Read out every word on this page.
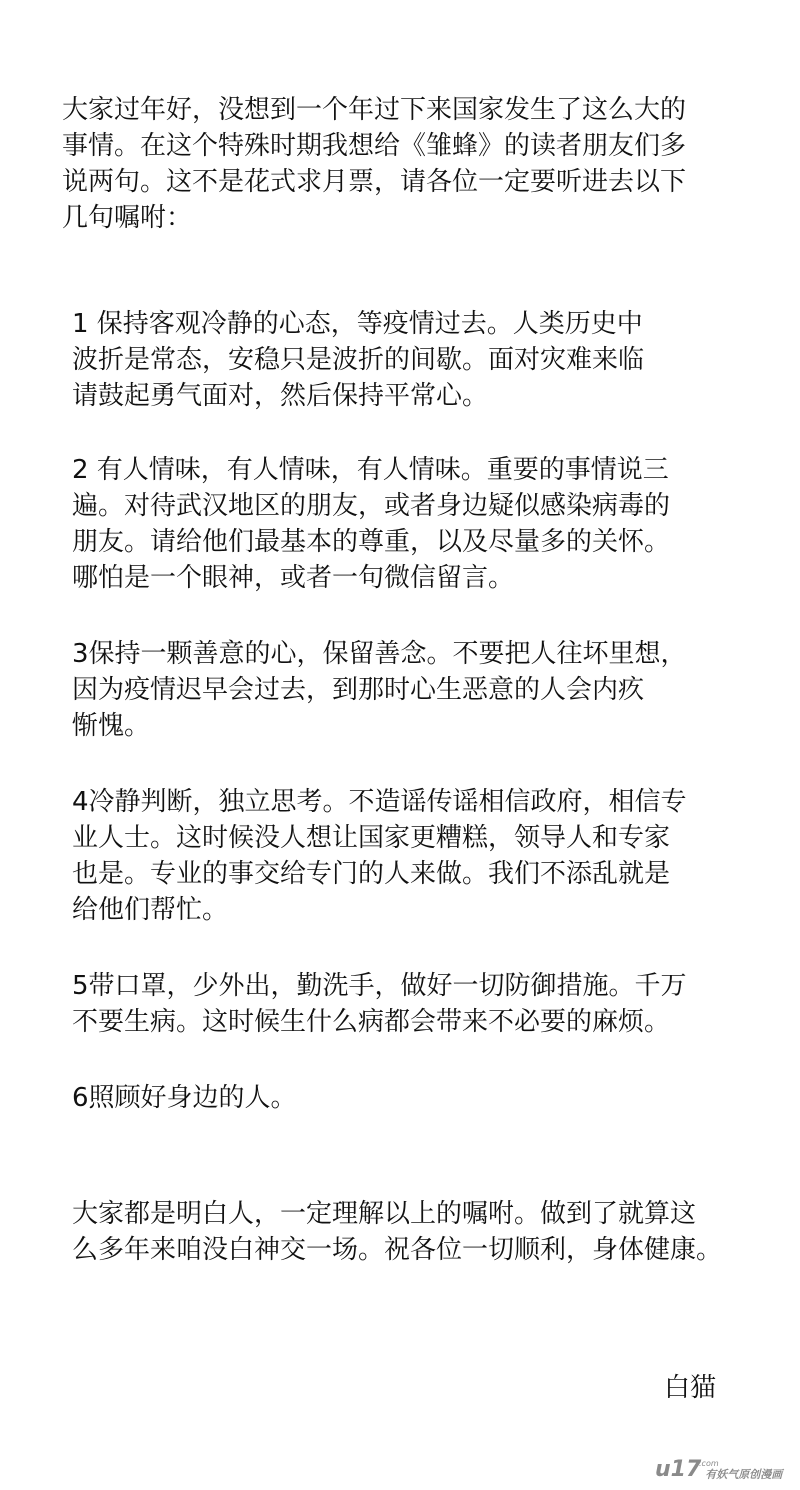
大家过年好，没想到一个年过下来国家发生了这么大的
事情。在这个特殊时期我想给《雏蜂》的读者朋友们多
说两句。这不是花式求月票，请各位一定要听进去以下
几句嘱咐：
1 保持客观冷静的心态，等疫情过去。人类历史中
波折是常态，安稳只是波折的间歇。面对灾难来临
请鼓起勇气面对，然后保持平常心。
2 有人情味，有人情味，有人情味。重要的事情说三
遍。对待武汉地区的朋友，或者身边疑似感染病毒的
朋友。请给他们最基本的尊重，以及尽量多的关怀。
哪怕是一个眼神，或者一句微信留言。
3保持一颗善意的心，保留善念。不要把人往坏里想，
因为疫情迟早会过去，到那时心生恶意的人会内疚
惭愧。
4冷静判断，独立思考。不造谣传谣相信政府，相信专
业人士。这时候没人想让国家更糟糕，领导人和专家
也是。专业的事交给专门的人来做。我们不添乱就是
给他们帮忙。
5带口罩，少外出，勤洗手，做好一切防御措施。千万
不要生病。这时候生什么病都会带来不必要的麻烦。
6照顾好身边的人。
大家都是明白人，一定理解以上的嘱咐。做到了就算这
么多年来咱没白神交一场。祝各位一切顺利，身体健康。
白猫
u17
.com
有妖气原创漫画
